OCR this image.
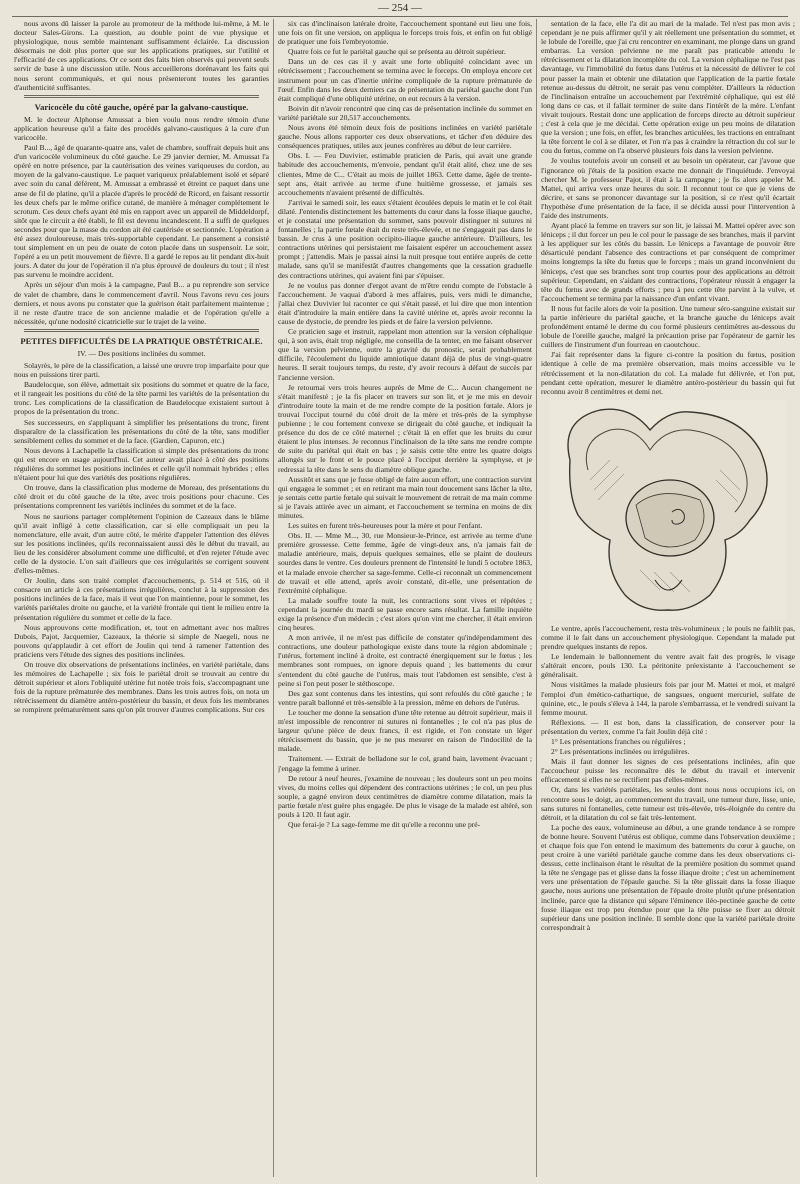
— 254 —

nous avons dû laisser la parole au promoteur de la méthode lui-même, à M. le docteur Sales-Girons. La question, au double point de vue physique et physiologique, nous semble maintenant suffisamment éclairée. La discussion désormais ne doit plus porter que sur les applications pratiques, sur l'utilité et l'efficacité de ces applications. Or ce sont des faits bien observés qui peuvent seuls servir de base à une discussion utile. Nous accueillerons dorénavant les faits qui nous seront communiqués, et qui nous présenteront toutes les garanties d'authenticité suffisantes.

Varicocèle du côté gauche, opéré par la galvano-caustique.

M. le docteur Alphonse Amussat a bien voulu nous rendre témoin d'une application heureuse qu'il a faite des procédés galvano-caustiques à la cure d'un varicocèle.

Paul B..., âgé de quarante-quatre ans, valet de chambre, souffrait depuis huit ans d'un varicocèle volumineux du côté gauche. Le 29 janvier dernier, M. Amussat l'a opéré en notre présence, par la cautérisation des veines variqueuses du cordon, au moyen de la galvano-caustique. Le paquet variqueux préalablement isolé et séparé avec soin du canal déférent, M. Amussat a embrassé et étreint ce paquet dans une anse de fil de platine, qu'il a placée d'après le procédé de Ricord, en faisant ressortir les deux chefs par le même orifice cutané, de manière à ménager complétement le scrotum. Ces deux chefs ayant été mis en rapport avec un appareil de Middeldorpf, sitôt que le circuit a été établi, le fil est devenu incandescent. Il a suffi de quelques secondes pour que la masse du cordon ait été cautérisée et sectionnée. L'opération a été assez douloureuse, mais très-supportable cependant. Le pansement a consisté tout simplement en un peu de ouate de coton placée dans un suspensoir. Le soir, l'opéré a eu un petit mouvement de fièvre. Il a gardé le repos au lit pendant dix-huit jours. A dater du jour de l'opération il n'a plus éprouvé de douleurs du tout ; il n'est pas survenu le moindre accident.

Après un séjour d'un mois à la campagne, Paul B... a pu reprendre son service de valet de chambre, dans le commencement d'avril. Nous l'avons revu ces jours derniers, et nous avons pu constater que la guérison était parfaitement maintenue ; il ne reste d'autre trace de son ancienne maladie et de l'opération qu'elle a nécessitée, qu'une nodosité cicatricielle sur le trajet de la veine.

PETITES DIFFICULTÉS DE LA PRATIQUE OBSTÉTRICALE.
IV. — Des positions inclinées du sommet.

Solayrès, le père de la classification, a laissé une œuvre trop imparfaite pour que nous en puissions tirer parti.

Baudelocque, son élève, admettait six positions du sommet et quatre de la face, et il rangeait les positions du côté de la tête parmi les variétés de la présentation du tronc. Les complications de la classification de Baudelocque existaient surtout à propos de la présentation du tronc.

Ses successeurs, en s'appliquant à simplifier les présentations du tronc, firent disparaître de la classification les présentations du côté de la tête, sans modifier sensiblement celles du sommet et de la face. (Gardien, Capuron, etc.)

Nous devons à Lachapelle la classification si simple des présentations du tronc qui est encore en usage aujourd'hui. Cet auteur avait placé à côté des positions régulières du sommet les positions inclinées et celle qu'il nommait hybrides ; elles n'étaient pour lui que des variétés des positions régulières.

On trouve, dans la classification plus moderne de Moreau, des présentations du côté droit et du côté gauche de la tête, avec trois positions pour chacune. Ces présentations comprennent les variétés inclinées du sommet et de la face.

Nous ne saurions partager complétement l'opinion de Cazeaux dans le blâme qu'il avait infligé à cette classification, car si elle compliquait un peu la nomenclature, elle avait, d'un autre côté, le mérite d'appeler l'attention des élèves sur les positions inclinées, qu'ils reconnaissaient aussi dès le début du travail, au lieu de les considérer absolument comme une difficulté, et d'en rejeter l'étude avec celle de la dystocie. L'on sait d'ailleurs que ces irrégularités se corrigent souvent d'elles-mêmes.

Or Joulin, dans son traité complet d'accouchements, p. 514 et 516, où il consacre un article à ces présentations irrégulières, conclut à la suppression des positions inclinées de la face, mais il veut que l'on maintienne, pour le sommet, les variétés pariétales droite ou gauche, et la variété frontale qui tient le milieu entre la présentation régulière du sommet et celle de la face.

Nous approuvons cette modification, et, tout en admettant avec nos maîtres Dubois, Pajot, Jacquemier, Cazeaux, la théorie si simple de Naegeli, nous ne pouvons qu'applaudir à cet effort de Joulin qui tend à ramener l'attention des praticiens vers l'étude des signes des positions inclinées.

On trouve dix observations de présentations inclinées, en variété pariétale, dans les mémoires de Lachapelle ; six fois le pariétal droit se trouvait au centre du détroit supérieur et alors l'obliquité utérine fut notée trois fois, s'accompagnant une fois de la rupture prématurée des membranes. Dans les trois autres fois, on nota un rétrécissement du diamètre antéro-postérieur du bassin, et deux fois les membranes se rompirent prématurément sans qu'on pût trouver d'autres complications. Sur ces

six cas d'inclinaison latérale droite, l'accouchement spontané eut lieu une fois, une fois on fit une version, on appliqua le forceps trois fois, et enfin on fut obligé de pratiquer une fois l'embryotomie.

Quatre fois ce fut le pariétal gauche qui se présenta au détroit supérieur.

Dans un de ces cas il y avait une forte obliquité coïncidant avec un rétrécissement ; l'accouchement se termina avec le forceps. On employa encore cet instrument pour un cas d'inertie utérine compliquée de la rupture prématurée de l'œuf. Enfin dans les deux derniers cas de présentation du pariétal gauche dont l'un était compliqué d'une obliquité utérine, on eut recours à la version.

Boivin dit n'avoir rencontré que cinq cas de présentation inclinée du sommet en variété pariétale sur 20,517 accouchements.

Nous avons été témoin deux fois de positions inclinées en variété pariétale gauche. Nous allons rapporter ces deux observations, et tâcher d'en déduire des conséquences pratiques, utiles aux jeunes confrères au début de leur carrière.

Obs. I. — Feu Duvivier, estimable praticien de Paris, qui avait une grande habitude des accouchements, m'envoie, pendant qu'il était alité, chez une de ses clientes, Mme de C... C'était au mois de juillet 1863. Cette dame, âgée de trente-sept ans, était arrivée au terme d'une huitième grossesse, et jamais ses accouchements n'avaient présenté de difficultés.

J'arrivai le samedi soir, les eaux s'étaient écoulées depuis le matin et le col était dilaté. J'entendis distinctement les battements du cœur dans la fosse iliaque gauche, et je constatai une présentation du sommet, sans pouvoir distinguer ni sutures ni fontanelles ; la partie fœtale était du reste très-élevée, et ne s'engageait pas dans le bassin. Je crus à une position occipito-iliaque gauche antérieure. D'ailleurs, les contractions utérines qui persistaient me faisaient espérer un accouchement assez prompt ; j'attendis. Mais je passai ainsi la nuit presque tout entière auprès de cette malade, sans qu'il se manifestât d'autres changements que la cessation graduelle des contractions utérines, qui avaient fini par s'épuiser.

Je ne voulus pas donner d'ergot avant de m'être rendu compte de l'obstacle à l'accouchement. Je vaquai d'abord à mes affaires, puis, vers midi le dimanche, j'allai chez Duvivier lui raconter ce qui s'était passé, et lui dire que mon intention était d'introduire la main entière dans la cavité utérine et, après avoir reconnu la cause de dystocie, de prendre les pieds et de faire la version pelvienne.

Ce praticien sage et instruit, rappelant mon attention sur la version céphalique qui, à son avis, était trop négligée, me conseilla de la tenter, en me faisant observer que la version pelvienne, outre la gravité du pronostic, serait probablement difficile, l'écoulement du liquide amniotique datant déjà de plus de vingt-quatre heures. Il serait toujours temps, du reste, d'y avoir recours à défaut de succès par l'ancienne version.

Je retournai vers trois heures auprès de Mme de C... Aucun changement ne s'était manifesté ; je la fis placer en travers sur son lit, et je me mis en devoir d'introduire toute la main et de me rendre compte de la position fœtale. Alors je trouvai l'occiput tourné du côté droit de la mère et très-près de la symphyse pubienne ; le cou fortement convexe se dirigeait du côté gauche, et indiquait la présence du dos de ce côté maternel ; c'était là en effet que les bruits du cœur étaient le plus intenses. Je reconnus l'inclinaison de la tête sans me rendre compte de suite du pariétal qui était en bas ; je saisis cette tête entre les quatre doigts allongés sur le front et le pouce placé à l'occiput derrière la symphyse, et je redressai la tête dans le sens du diamètre oblique gauche.

Aussitôt et sans que je fusse obligé de faire aucun effort, une contraction survint qui engagea le sommet ; et en retirant ma main tout doucement sans lâcher la tête, je sentais cette partie fœtale qui suivait le mouvement de retrait de ma main comme si je l'avais attirée avec un aimant, et l'accouchement se termina en moins de dix minutes.

Les suites en furent très-heureuses pour la mère et pour l'enfant.

Obs. II. — Mme M..., 30, rue Monsieur-le-Prince, est arrivée au terme d'une première grossesse. Cette femme, âgée de vingt-deux ans, n'a jamais fait de maladie antérieure, mais, depuis quelques semaines, elle se plaint de douleurs sourdes dans le ventre. Ces douleurs prennent de l'intensité le lundi 5 octobre 1863, et la malade envoie chercher sa sage-femme. Celle-ci reconnaît un commencement de travail et elle attend, après avoir constaté, dit-elle, une présentation de l'extrémité céphalique.

La malade souffre toute la nuit, les contractions sont vives et répétées ; cependant la journée du mardi se passe encore sans résultat. La famille inquiète exige la présence d'un médecin ; c'est alors qu'on vint me chercher, il était environ cinq heures.

A mon arrivée, il ne m'est pas difficile de constater qu'indépendamment des contractions, une douleur pathologique existe dans toute la région abdominale ; l'utérus, fortement incliné à droite, est contracté énergiquement sur le fœtus ; les membranes sont rompues, on ignore depuis quand ; les battements du cœur s'entendent du côté gauche de l'utérus, mais tout l'abdomen est sensible, c'est à peine si l'on peut poser le stéthoscope.

Des gaz sont contenus dans les intestins, qui sont refoulés du côté gauche ; le ventre paraît ballonné et très-sensible à la pression, même en dehors de l'utérus.

Le toucher me donne la sensation d'une tête retenue au détroit supérieur, mais il m'est impossible de rencontrer ni sutures ni fontanelles ; le col n'a pas plus de largeur qu'une pièce de deux francs, il est rigide, et l'on constate un léger rétrécissement du bassin, que je ne pus mesurer en raison de l'indocilité de la malade.

Traitement. — Extrait de belladone sur le col, grand bain, lavement évacuant ; j'engage la femme à uriner.

De retour à neuf heures, j'examine de nouveau ; les douleurs sont un peu moins vives, du moins celles qui dépendent des contractions utérines ; le col, un peu plus souple, a gagné environ deux centimètres de diamètre comme dilatation, mais la partie fœtale n'est guère plus engagée. De plus le visage de la malade est altéré, son pouls à 120. Il faut agir.

Que ferai-je ? La sage-femme me dit qu'elle a reconnu une pré-

sentation de la face, elle l'a dit au mari de la malade. Tel n'est pas mon avis ; cependant je ne puis affirmer qu'il y ait réellement une présentation du sommet, et le lobule de l'oreille, que j'ai cru rencontrer en examinant, me plonge dans un grand embarras. La version pelvienne ne me paraît pas praticable attendu le rétrécissement et la dilatation incomplète du col. La version céphalique ne l'est pas davantage, vu l'immobilité du fœtus dans l'utérus et la nécessité de délivrer le col pour passer la main et obtenir une dilatation que l'application de la partie fœtale retenue au-dessus du détroit, ne serait pas venu compléter. D'ailleurs la réduction de l'inclinaison entraîne un accouchement par l'extrémité céphalique, qui est élé long dans ce cas, et il fallait terminer de suite dans l'intérêt de la mère. L'enfant vivait toujours. Restait donc une application de forceps directe au détroit supérieur ; c'est à cela que je me décidai. Cette opération exige un peu moins de dilatation que la version ; une fois, en effet, les branches articulées, les tractions en entraînant la tête forcent le col à se dilater, et l'on n'a pas à craindre la rétraction du col sur le cou du fœtus, comme on l'a observé plusieurs fois dans la version pelvienne.

Je voulus toutefois avoir un conseil et au besoin un opérateur, car j'avoue que l'ignorance où j'étais de la position exacte me donnait de l'inquiétude. J'envoyai chercher M. le professeur Pajot, il était à la campagne ; je fis alors appeler M. Mattei, qui arriva vers onze heures du soir. Il reconnut tout ce que je viens de décrire, et sans se prononcer davantage sur la position, si ce n'est qu'il écartait l'hypothèse d'une présentation de la face, il se décida aussi pour l'intervention à l'aide des instruments.

Ayant placé la femme en travers sur son lit, je laissai M. Mattei opérer avec son léniceps ; il dut forcer un peu le col pour le passage de ses branches, mais il parvint à les appliquer sur les côtés du bassin. Le léniceps a l'avantage de pouvoir être désarticulé pendant l'absence des contractions et par conséquent de comprimer moins longtemps la tête du fœtus que le forceps ; mais un grand inconvénient du léniceps, c'est que ses branches sont trop courtes pour des applications au détroit supérieur. Cependant, en s'aidant des contractions, l'opérateur réussit à engager la tête du fœtus avec de grands efforts ; peu à peu cette tête parvint à la vulve, et l'accouchement se termina par la naissance d'un enfant vivant.

Il nous fut facile alors de voir la position. Une tumeur séro-sanguine existait sur la partie inférieure du pariétal gauche, et la branche gauche du léniceps avait profondément entamé le derme du cou formé plusieurs centimètres au-dessous du lobule de l'oreille gauche, malgré la précaution prise par l'opérateur de garnir les cuillers de l'instrument d'un fourreau en caoutchouc.

J'ai fait représenter dans la figure ci-contre la position du fœtus, position identique à celle de ma première observation, mais moins accessible vu le rétrécissement et la non-dilatation du col. La malade fut délivrée, et l'on put, pendant cette opération, mesurer le diamètre antéro-postérieur du bassin qui fut reconnu avoir 8 centimètres et demi net.

Le ventre, après l'accouchement, resta très-volumineux ; le pouls ne faiblit pas, comme il le fait dans un accouchement physiologique. Cependant la malade put prendre quelques instants de repos.

Le lendemain le ballonnement du ventre avait fait des progrès, le visage s'altérait encore, pouls 130. La péritonite préexistante à l'accouchement se généralisait.

Nous visitâmes la malade plusieurs fois par jour M. Mattei et moi, et malgré l'emploi d'un émético-cathartique, de sangsues, onguent mercuriel, sulfate de quinine, etc., le pouls s'éleva à 144, la parole s'embarrassa, et le vendredi suivant la femme mourut.

Réflexions. — Il est bon, dans la classification, de conserver pour la présentation du vertex, comme l'a fait Joulin déjà cité :

1° Les présentations franches ou régulières ;

2° Les présentations inclinées ou irrégulières.

Mais il faut donner les signes de ces présentations inclinées, afin que l'accoucheur puisse les reconnaître dès le début du travail et intervenir efficacement si elles ne se rectifient pas d'elles-mêmes.

Or, dans les variétés pariétales, les seules dont nous nous occupions ici, on rencontre sous le doigt, au commencement du travail, une tumeur dure, lisse, unie, sans sutures ni fontanelles, cette tumeur est très-élevée, très-éloignée du centre du détroit, et la dilatation du col se fait très-lentement.

La poche des eaux, volumineuse au début, a une grande tendance à se rompre de bonne heure. Souvent l'utérus est oblique, comme dans l'observation deuxième ; et chaque fois que l'on entend le maximum des battements du cœur à gauche, on peut croire à une variété pariétale gauche comme dans les deux observations ci-dessus, cette inclinaison étant le résultat de la première position du sommet quand la tête ne s'engage pas et glisse dans la fosse iliaque droite ; c'est un acheminement vers une présentation de l'épaule gauche. Si la tête glissait dans la fosse iliaque gauche, nous aurions une présentation de l'épaule droite plutôt qu'une présentation inclinée, parce que la distance qui sépare l'éminence iléo-pectinée gauche de cette fosse iliaque est trop peu étendue pour que la tête puisse se fixer au détroit supérieur dans une position inclinée. Il semble donc que la variété pariétale droite correspondrait à
